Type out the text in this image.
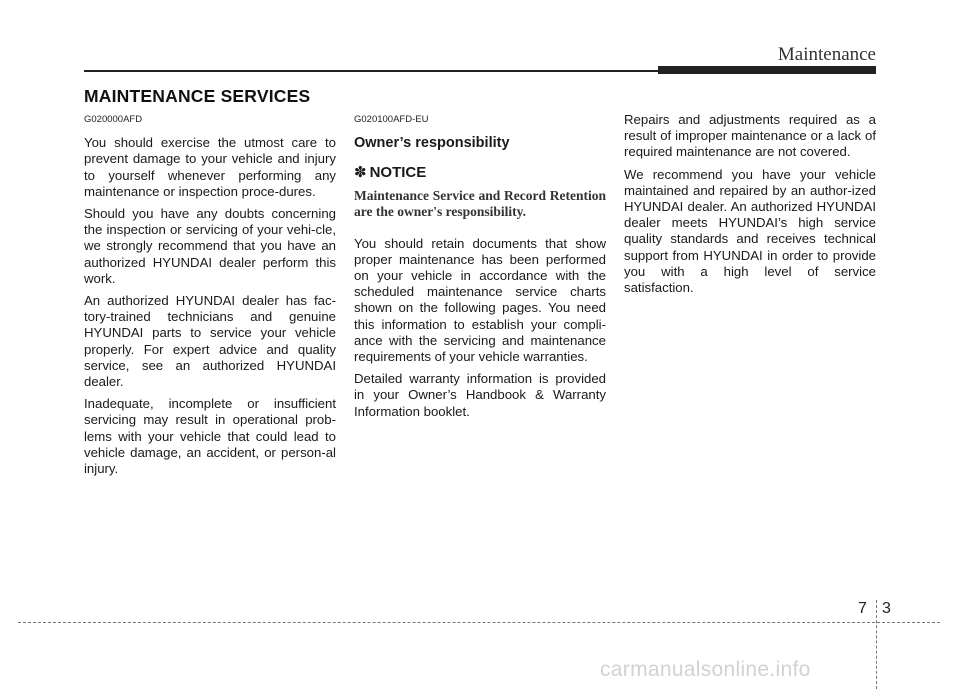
Maintenance
MAINTENANCE SERVICES

G020000AFD

You should exercise the utmost care to prevent damage to your vehicle and injury to yourself whenever performing any maintenance or inspection proce-dures.

Should you have any doubts concerning the inspection or servicing of your vehi-cle, we strongly recommend that you have an authorized HYUNDAI dealer perform this work.

An authorized HYUNDAI dealer has fac-tory-trained technicians and genuine HYUNDAI parts to service your vehicle properly. For expert advice and quality service, see an authorized HYUNDAI dealer.

Inadequate, incomplete or insufficient servicing may result in operational prob-lems with your vehicle that could lead to vehicle damage, an accident, or person-al injury.

G020100AFD-EU

Owner’s responsibility

✽ NOTICE

Maintenance Service and Record Retention are the owner's responsibility.

You should retain documents that show proper maintenance has been performed on your vehicle in accordance with the scheduled maintenance service charts shown on the following pages. You need this information to establish your compli-ance with the servicing and maintenance requirements of your vehicle warranties.

Detailed warranty information is provided in your Owner’s Handbook & Warranty Information booklet.

Repairs and adjustments required as a result of improper maintenance or a lack of required maintenance are not covered.

We recommend you have your vehicle maintained and repaired by an author-ized HYUNDAI dealer. An authorized HYUNDAI dealer meets HYUNDAI’s high service quality standards and receives technical support from HYUNDAI in order to provide you with a high level of service satisfaction.

7 3
carmanualsonline.info
